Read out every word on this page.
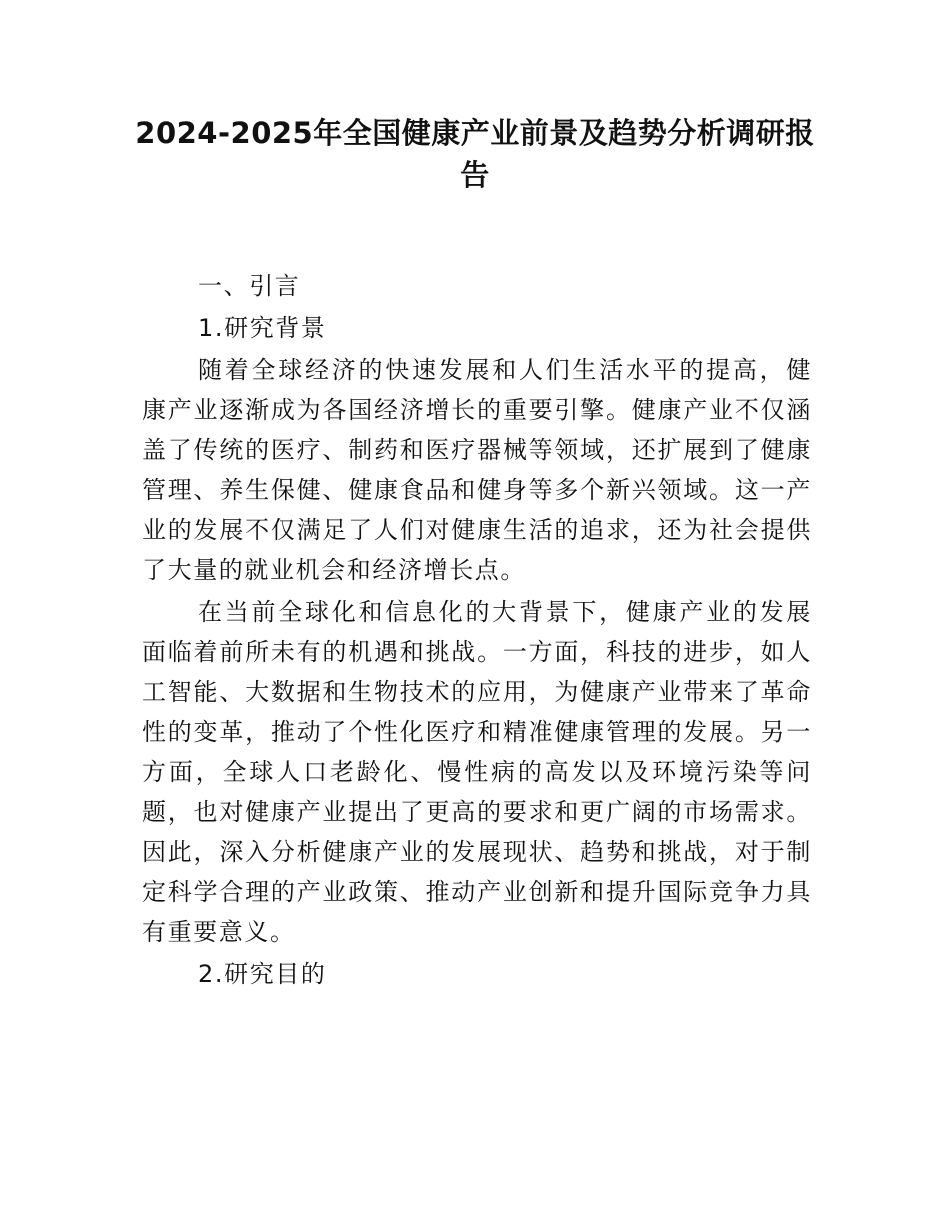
2024-2025年全国健康产业前景及趋势分析调研报告
一、引言
1.研究背景

随着全球经济的快速发展和人们生活水平的提高，健康产业逐渐成为各国经济增长的重要引擎。健康产业不仅涵盖了传统的医疗、制药和医疗器械等领域，还扩展到了健康管理、养生保健、健康食品和健身等多个新兴领域。这一产业的发展不仅满足了人们对健康生活的追求，还为社会提供了大量的就业机会和经济增长点。

在当前全球化和信息化的大背景下，健康产业的发展面临着前所未有的机遇和挑战。一方面，科技的进步，如人工智能、大数据和生物技术的应用，为健康产业带来了革命性的变革，推动了个性化医疗和精准健康管理的发展。另一方面，全球人口老龄化、慢性病的高发以及环境污染等问题，也对健康产业提出了更高的要求和更广阔的市场需求。因此，深入分析健康产业的发展现状、趋势和挑战，对于制定科学合理的产业政策、推动产业创新和提升国际竞争力具有重要意义。

2.研究目的
